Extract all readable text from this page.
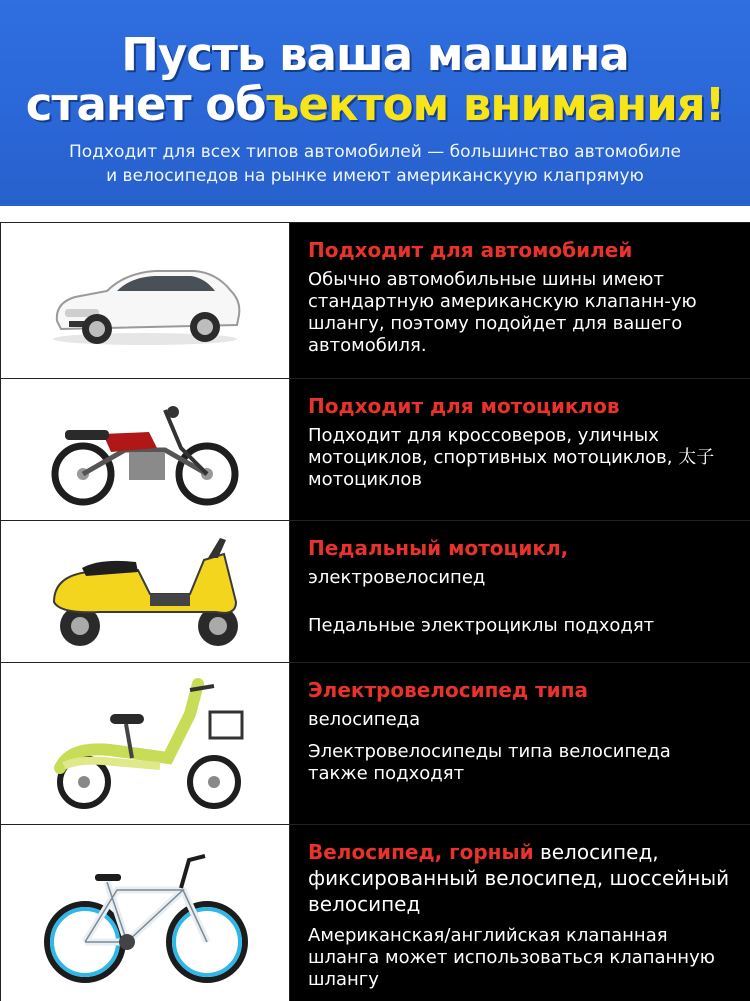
Пусть ваша машина
станет объектом внимания!

Подходит для всех типов автомобилей — большинство автомобиле
и велосипедов на рынке имеют американскуую клапрямую

Подходит для автомобилей
Обычно автомобильные шины имеют стандартную американскую клапанн-ую шлангу, поэтому подойдет для вашего автомобиля.
Подходит для мотоциклов
Подходит для кроссоверов, уличных мотоциклов, спортивных мотоциклов, 太子мотоциклов
Педальный мотоцикл,
электровелосипед
Педальные электроциклы подходят
Электровелосипед типа
велосипеда
Электровелосипеды типа велосипеда также подходят
Велосипед, горный велосипед, фиксированный велосипед, шоссейный велосипед
Американская/английская клапанная шланга может использоваться клапанную шлангу
